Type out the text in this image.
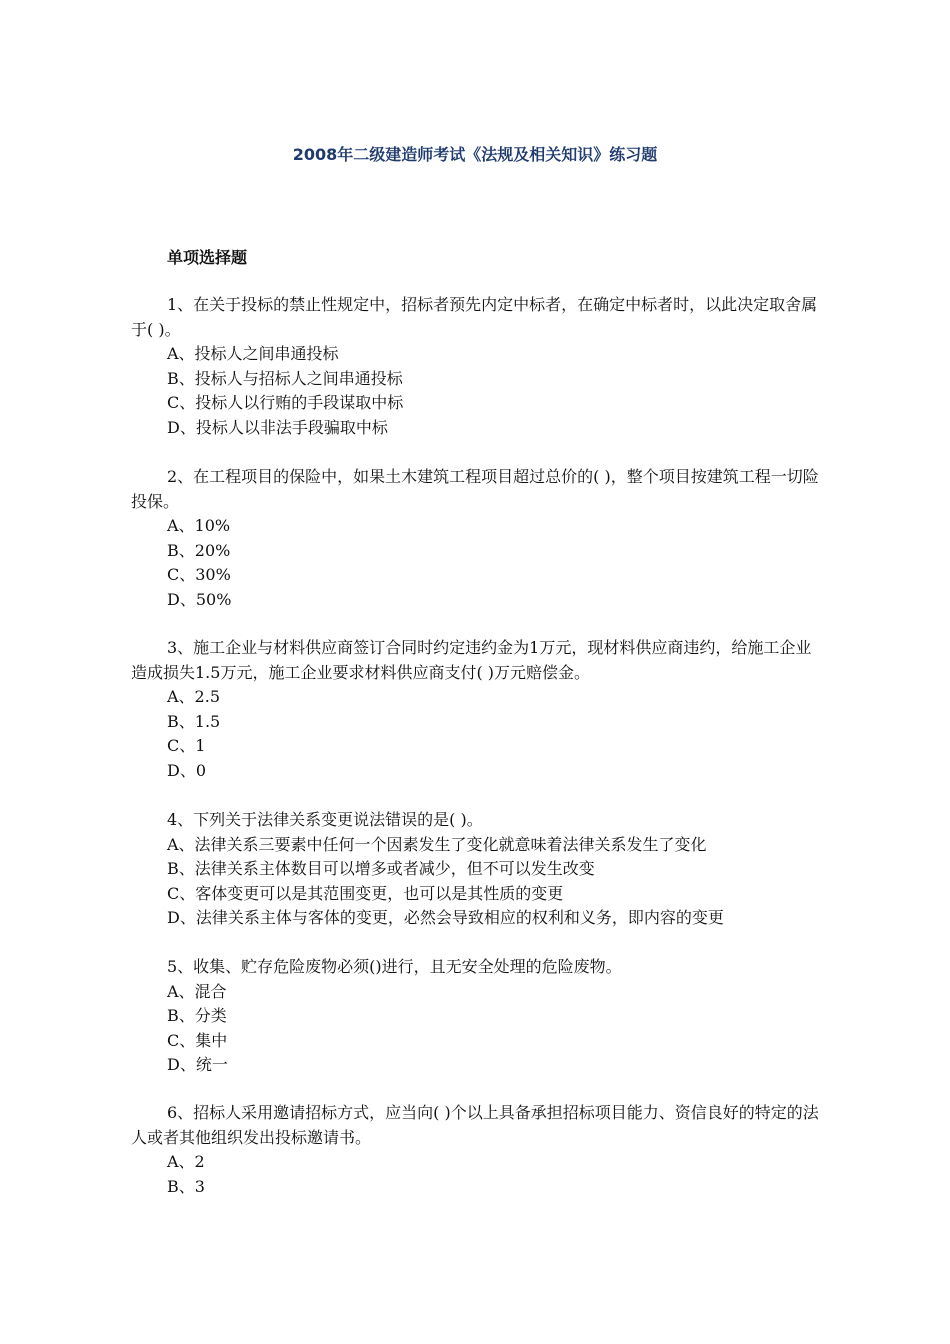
2008年二级建造师考试《法规及相关知识》练习题
单项选择题

1、在关于投标的禁止性规定中，招标者预先内定中标者，在确定中标者时，以此决定取舍属于( )。

A、投标人之间串通投标

B、投标人与招标人之间串通投标

C、投标人以行贿的手段谋取中标

D、投标人以非法手段骗取中标

2、在工程项目的保险中，如果土木建筑工程项目超过总价的( )，整个项目按建筑工程一切险投保。

A、10%

B、20%

C、30%

D、50%

3、施工企业与材料供应商签订合同时约定违约金为1万元，现材料供应商违约，给施工企业造成损失1.5万元，施工企业要求材料供应商支付( )万元赔偿金。

A、2.5

B、1.5

C、1

D、0

4、下列关于法律关系变更说法错误的是( )。

A、法律关系三要素中任何一个因素发生了变化就意味着法律关系发生了变化

B、法律关系主体数目可以增多或者减少，但不可以发生改变

C、客体变更可以是其范围变更，也可以是其性质的变更

D、法律关系主体与客体的变更，必然会导致相应的权利和义务，即内容的变更

5、收集、贮存危险废物必须()进行，且无安全处理的危险废物。

A、混合

B、分类

C、集中

D、统一

6、招标人采用邀请招标方式，应当向( )个以上具备承担招标项目能力、资信良好的特定的法人或者其他组织发出投标邀请书。

A、2

B、3
